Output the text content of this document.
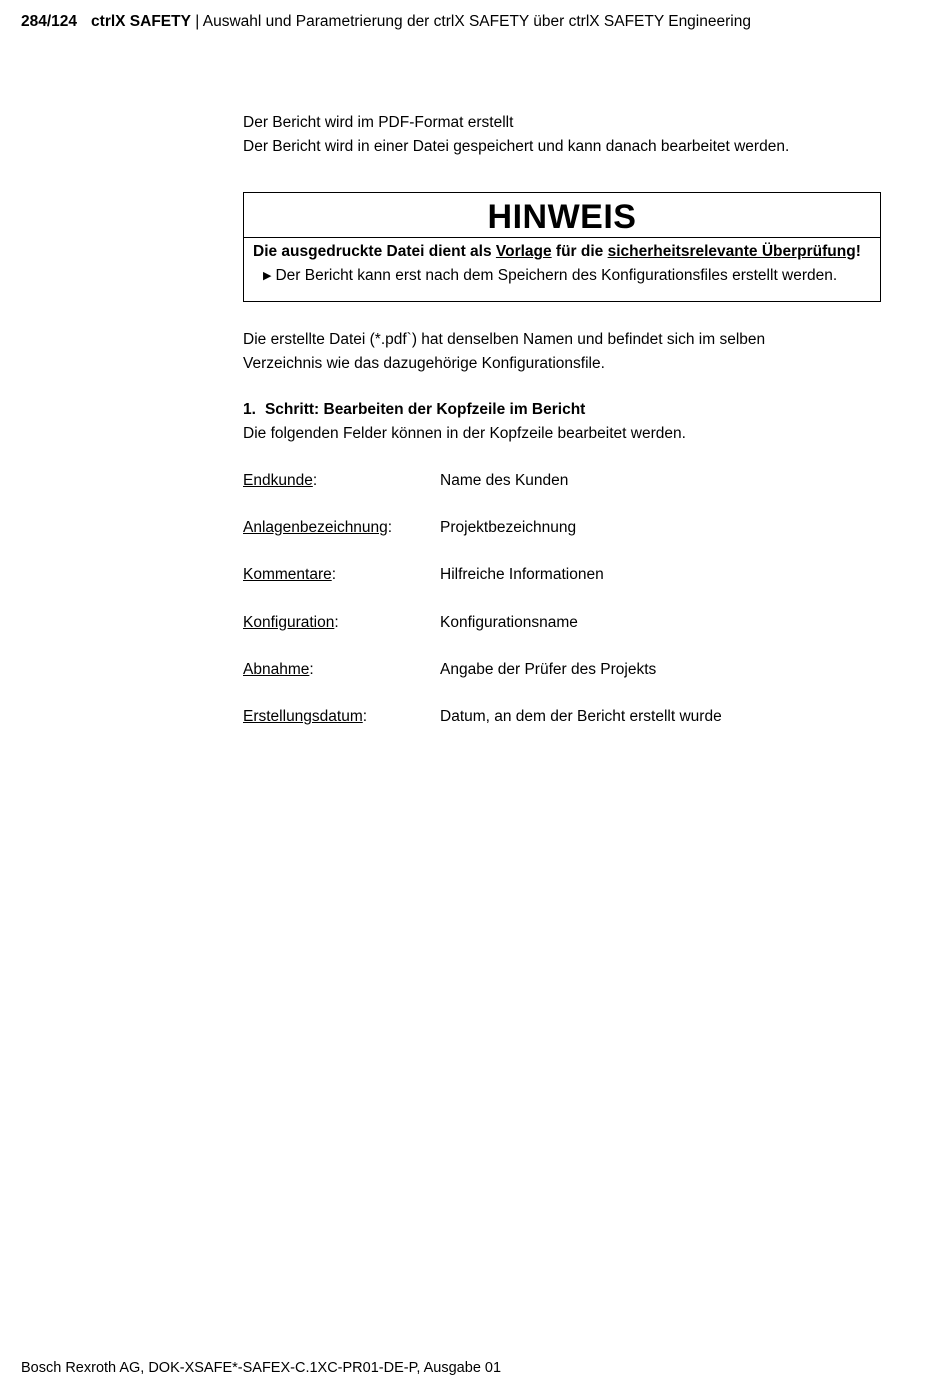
284/124 ctrlX SAFETY | Auswahl und Parametrierung der ctrlX SAFETY über ctrlX SAFETY Engineering

Der Bericht wird im PDF-Format erstellt
Der Bericht wird in einer Datei gespeichert und kann danach bearbeitet werden.

HINWEIS
Die ausgedruckte Datei dient als Vorlage für die sicherheitsrelevante Überprüfung!
▶ Der Bericht kann erst nach dem Speichern des Konfigurationsfiles erstellt werden.

Die erstellte Datei (*.pdf`) hat denselben Namen und befindet sich im selben
Verzeichnis wie das dazugehörige Konfigurationsfile.

1. Schritt: Bearbeiten der Kopfzeile im Bericht
Die folgenden Felder können in der Kopfzeile bearbeitet werden.
Endkunde:	Name des Kunden
Anlagenbezeichnung:	Projektbezeichnung
Kommentare:	Hilfreiche Informationen
Konfiguration:	Konfigurationsname
Abnahme:	Angabe der Prüfer des Projekts
Erstellungsdatum:	Datum, an dem der Bericht erstellt wurde
Bosch Rexroth AG, DOK-XSAFE*-SAFEX-C.1XC-PR01-DE-P, Ausgabe 01
